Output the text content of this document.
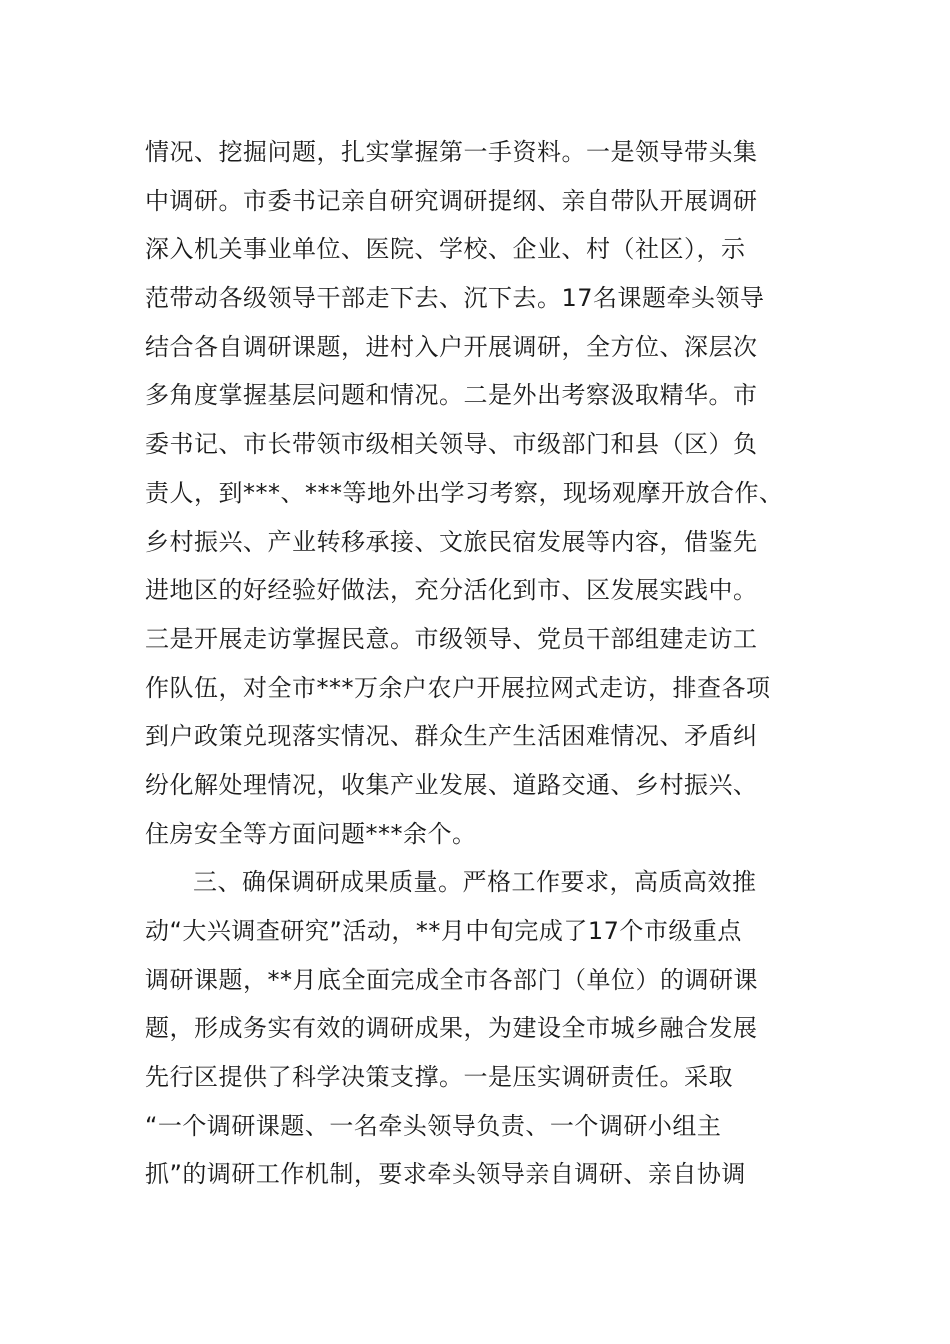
情况、挖掘问题，扎实掌握第一手资料。一是领导带头集
中调研。市委书记亲自研究调研提纲、亲自带队开展调研
深入机关事业单位、医院、学校、企业、村（社区），示
范带动各级领导干部走下去、沉下去。17名课题牵头领导
结合各自调研课题，进村入户开展调研，全方位、深层次
多角度掌握基层问题和情况。二是外出考察汲取精华。市
委书记、市长带领市级相关领导、市级部门和县（区）负
责人，到***、***等地外出学习考察，现场观摩开放合作、
乡村振兴、产业转移承接、文旅民宿发展等内容，借鉴先
进地区的好经验好做法，充分活化到市、区发展实践中。
三是开展走访掌握民意。市级领导、党员干部组建走访工
作队伍，对全市***万余户农户开展拉网式走访，排查各项
到户政策兑现落实情况、群众生产生活困难情况、矛盾纠
纷化解处理情况，收集产业发展、道路交通、乡村振兴、
住房安全等方面问题***余个。
三、确保调研成果质量。严格工作要求，高质高效推
动“大兴调查研究”活动，**月中旬完成了17个市级重点
调研课题，**月底全面完成全市各部门（单位）的调研课
题，形成务实有效的调研成果，为建设全市城乡融合发展
先行区提供了科学决策支撑。一是压实调研责任。采取
“一个调研课题、一名牵头领导负责、一个调研小组主
抓”的调研工作机制，要求牵头领导亲自调研、亲自协调
